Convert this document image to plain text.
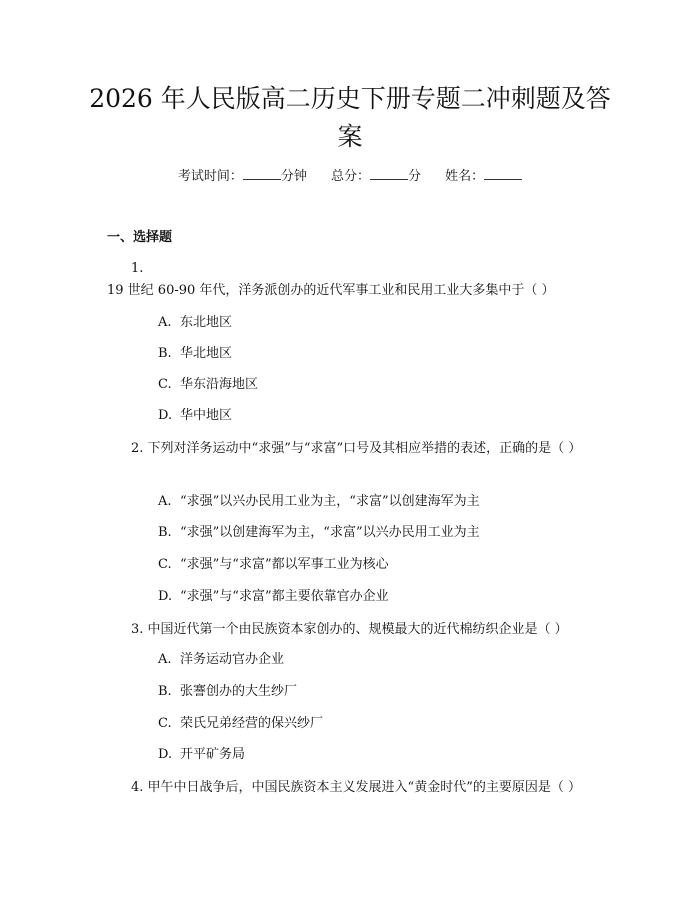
2026 年人民版高二历史下册专题二冲刺题及答案
考试时间：	分钟 总分：	分 姓名：
一、选择题

1. 19 世纪 60-90 年代，洋务派创办的近代军事工业和民用工业大多集中于（ ）

A. 东北地区
B. 华北地区
C. 华东沿海地区
D. 华中地区

2. 下列对洋务运动中“求强”与“求富”口号及其相应举措的表述，正确的是（ ）

A. “求强”以兴办民用工业为主，“求富”以创建海军为主
B. “求强”以创建海军为主，“求富”以兴办民用工业为主
C. “求强”与“求富”都以军事工业为核心
D. “求强”与“求富”都主要依靠官办企业

3. 中国近代第一个由民族资本家创办的、规模最大的近代棉纺织企业是（ ）

A. 洋务运动官办企业
B. 张謇创办的大生纱厂
C. 荣氏兄弟经营的保兴纱厂
D. 开平矿务局

4. 甲午中日战争后，中国民族资本主义发展进入“黄金时代”的主要原因是（ ）
